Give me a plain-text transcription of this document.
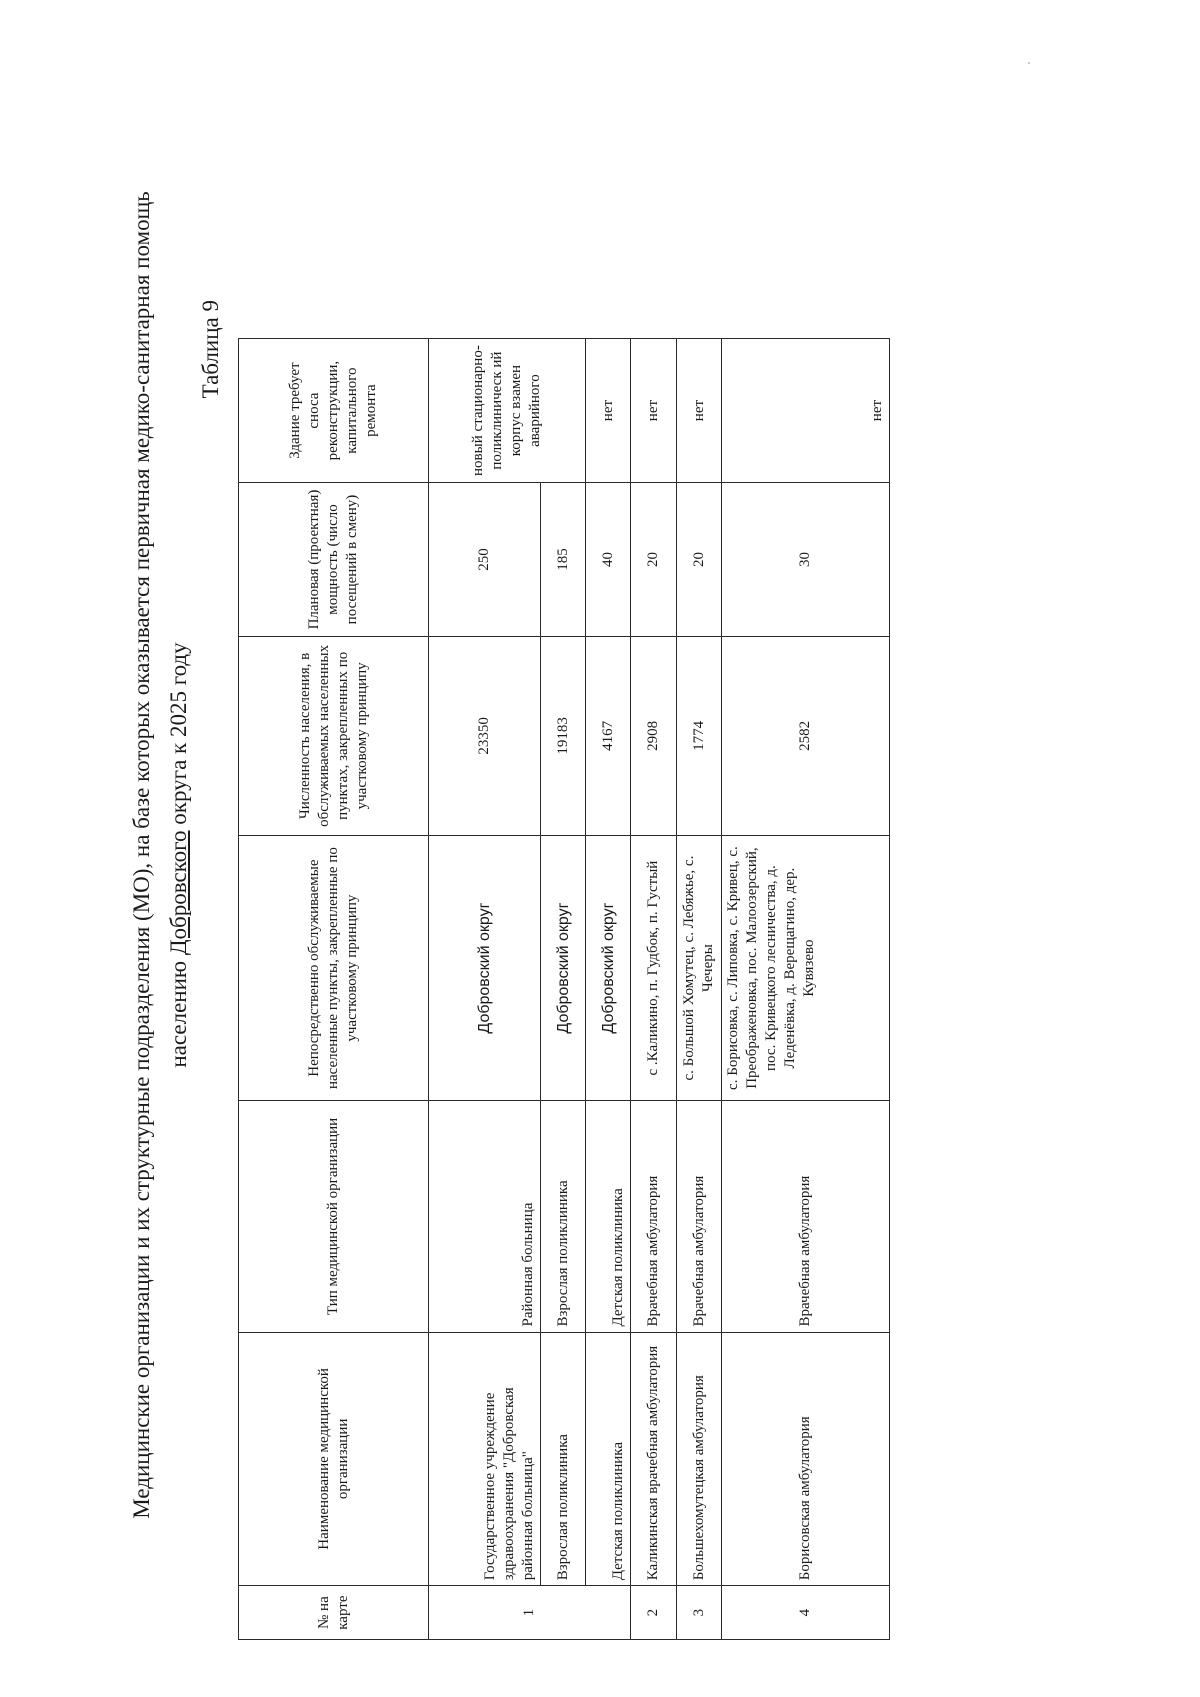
Медицинские организации и их структурные подразделения (МО), на базе которых оказывается первичная медико-санитарная помощь населению Добровского округа к 2025 году
Таблица 9
№ на карте	Наименование медицинской организации	Тип медицинской организации	Непосредственно обслуживаемые населенные пункты, закрепленные по участковому принципу	Численность населения, в обслуживаемых населенных пунктах, закрепленных по участковому принципу	Плановая (проектная) мощность (число посещений в смену)	Здание требует сноса реконструкции, капитального ремонта
1	Государственное учреждение здравоохранения "Добровская районная больница"	Районная больница	Добровский округ	23350	250	новый стационарно-поликлиническ ий корпус взамен аварийного
	Взрослая поликлиника	Взрослая поликлиника	Добровский округ	19183	185	
	Детская поликлиника	Детская поликлиника	Добровский округ	4167	40	нет
2	Каликинская врачебная амбулатория	Врачебная амбулатория	с .Каликино, п. Гудбок, п. Густый	2908	20	нет
3	Большехомутецкая амбулатория	Врачебная амбулатория	с. Большой Хомутец, с. Лебяжье, с. Чечеры	1774	20	нет
4	Борисовская амбулатория	Врачебная амбулатория	с. Борисовка, с. Липовка, с. Кривец, с. Преображеновка, пос. Малоозерский, пос. Кривецкого лесничества, д. Леденёвка, д. Верещагино, дер. Кувязево	2582	30	нет
